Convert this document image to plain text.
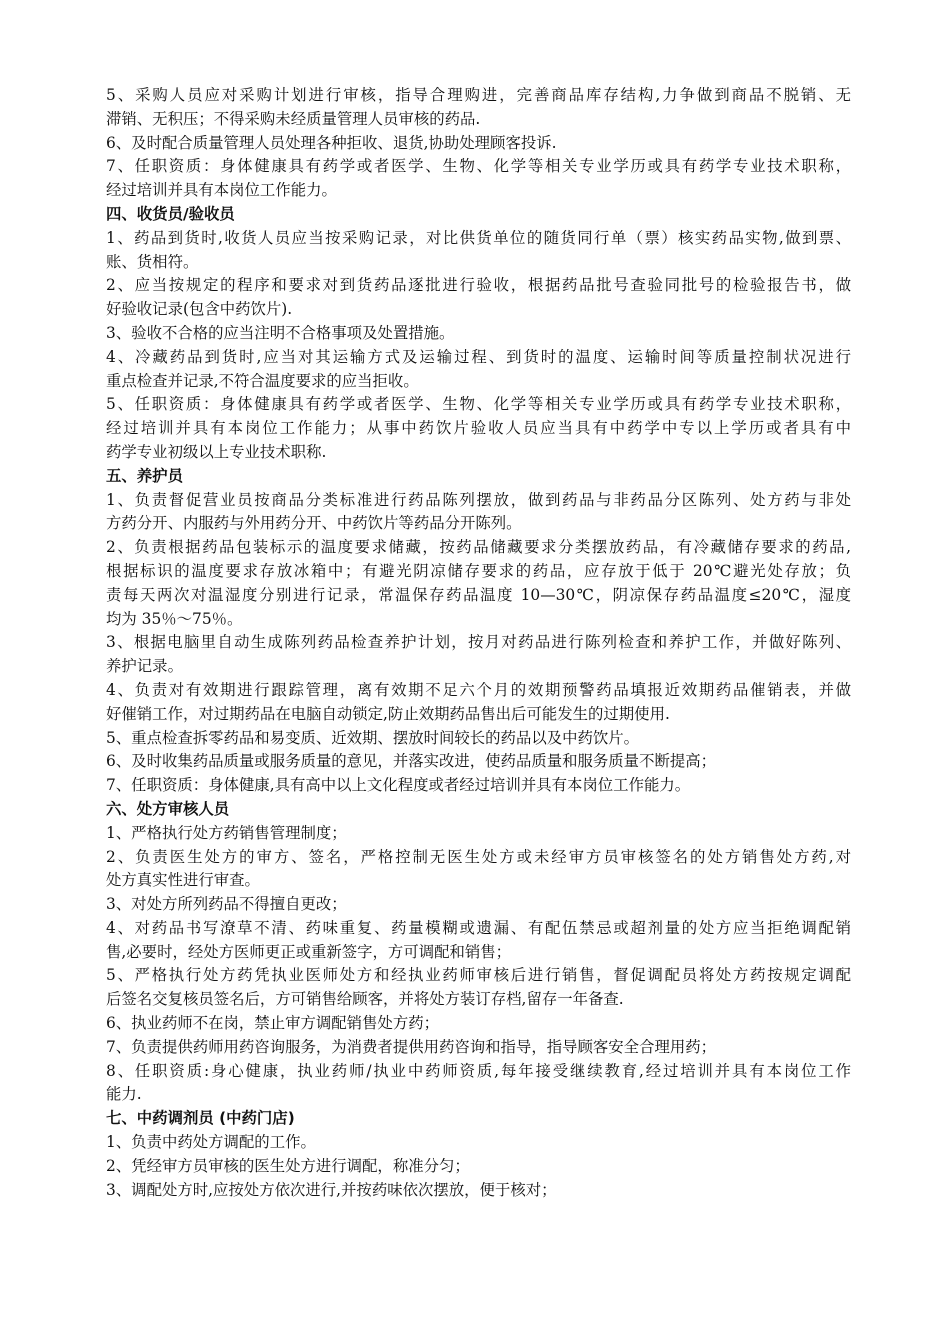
5、采购人员应对采购计划进行审核，指导合理购进，完善商品库存结构,力争做到商品不脱销、无
滞销、无积压；不得采购未经质量管理人员审核的药品.
6、及时配合质量管理人员处理各种拒收、退货,协助处理顾客投诉.
7、任职资质：身体健康具有药学或者医学、生物、化学等相关专业学历或具有药学专业技术职称，
经过培训并具有本岗位工作能力。
四、收货员/验收员
1、药品到货时,收货人员应当按采购记录，对比供货单位的随货同行单（票）核实药品实物,做到票、
账、货相符。
2、应当按规定的程序和要求对到货药品逐批进行验收，根据药品批号查验同批号的检验报告书，做
好验收记录(包含中药饮片).
3、验收不合格的应当注明不合格事项及处置措施。
4、冷藏药品到货时,应当对其运输方式及运输过程、到货时的温度、运输时间等质量控制状况进行
重点检查并记录,不符合温度要求的应当拒收。
5、任职资质：身体健康具有药学或者医学、生物、化学等相关专业学历或具有药学专业技术职称，
经过培训并具有本岗位工作能力；从事中药饮片验收人员应当具有中药学中专以上学历或者具有中
药学专业初级以上专业技术职称.
五、养护员
1、负责督促营业员按商品分类标准进行药品陈列摆放，做到药品与非药品分区陈列、处方药与非处
方药分开、内服药与外用药分开、中药饮片等药品分开陈列。
2、负责根据药品包装标示的温度要求储藏，按药品储藏要求分类摆放药品，有冷藏储存要求的药品,
根据标识的温度要求存放冰箱中；有避光阴凉储存要求的药品，应存放于低于 20℃避光处存放；负
责每天两次对温湿度分别进行记录，常温保存药品温度 10—30℃，阴凉保存药品温度≤20℃，湿度
均为 35％～75％。
3、根据电脑里自动生成陈列药品检查养护计划，按月对药品进行陈列检查和养护工作，并做好陈列、
养护记录。
4、负责对有效期进行跟踪管理，离有效期不足六个月的效期预警药品填报近效期药品催销表，并做
好催销工作，对过期药品在电脑自动锁定,防止效期药品售出后可能发生的过期使用.
5、重点检查拆零药品和易变质、近效期、摆放时间较长的药品以及中药饮片。
6、及时收集药品质量或服务质量的意见，并落实改进，使药品质量和服务质量不断提高；
7、任职资质：身体健康,具有高中以上文化程度或者经过培训并具有本岗位工作能力。
六、处方审核人员
1、严格执行处方药销售管理制度；
2、负责医生处方的审方、签名，严格控制无医生处方或未经审方员审核签名的处方销售处方药,对
处方真实性进行审查。
3、对处方所列药品不得擅自更改；
4、对药品书写潦草不清、药味重复、药量模糊或遗漏、有配伍禁忌或超剂量的处方应当拒绝调配销
售,必要时，经处方医师更正或重新签字，方可调配和销售；
5、严格执行处方药凭执业医师处方和经执业药师审核后进行销售，督促调配员将处方药按规定调配
后签名交复核员签名后，方可销售给顾客，并将处方装订存档,留存一年备查.
6、执业药师不在岗，禁止审方调配销售处方药；
7、负责提供药师用药咨询服务，为消费者提供用药咨询和指导，指导顾客安全合理用药；
8、任职资质:身心健康，执业药师/执业中药师资质,每年接受继续教育,经过培训并具有本岗位工作
能力.
七、中药调剂员 (中药门店)
1、负责中药处方调配的工作。
2、凭经审方员审核的医生处方进行调配，称准分匀；
3、调配处方时,应按处方依次进行,并按药味依次摆放，便于核对；
